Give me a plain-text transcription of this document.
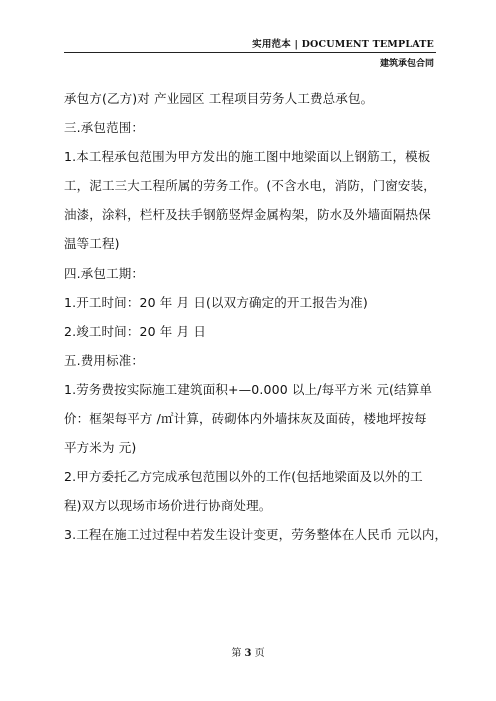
实用范本 | DOCUMENT TEMPLATE
建筑承包合同
承包方(乙方)对 产业园区 工程项目劳务人工费总承包。
三.承包范围：
1.本工程承包范围为甲方发出的施工图中地梁面以上钢筋工，模板
工，泥工三大工程所属的劳务工作。(不含水电，消防，门窗安装，
油漆，涂料，栏杆及扶手钢筋竖焊金属构架，防水及外墙面隔热保
温等工程)
四.承包工期：
1.开工时间：20 年 月 日(以双方确定的开工报告为准)
2.竣工时间：20 年 月 日
五.费用标准：
1.劳务费按实际施工建筑面积+—0.000 以上/每平方米 元(结算单
价：框架每平方 /㎡计算，砖砌体内外墙抹灰及面砖，楼地坪按每
平方米为 元)
2.甲方委托乙方完成承包范围以外的工作(包括地梁面及以外的工
程)双方以现场市场价进行协商处理。
3.工程在施工过过程中若发生设计变更，劳务整体在人民币 元以内，
第 3 页
